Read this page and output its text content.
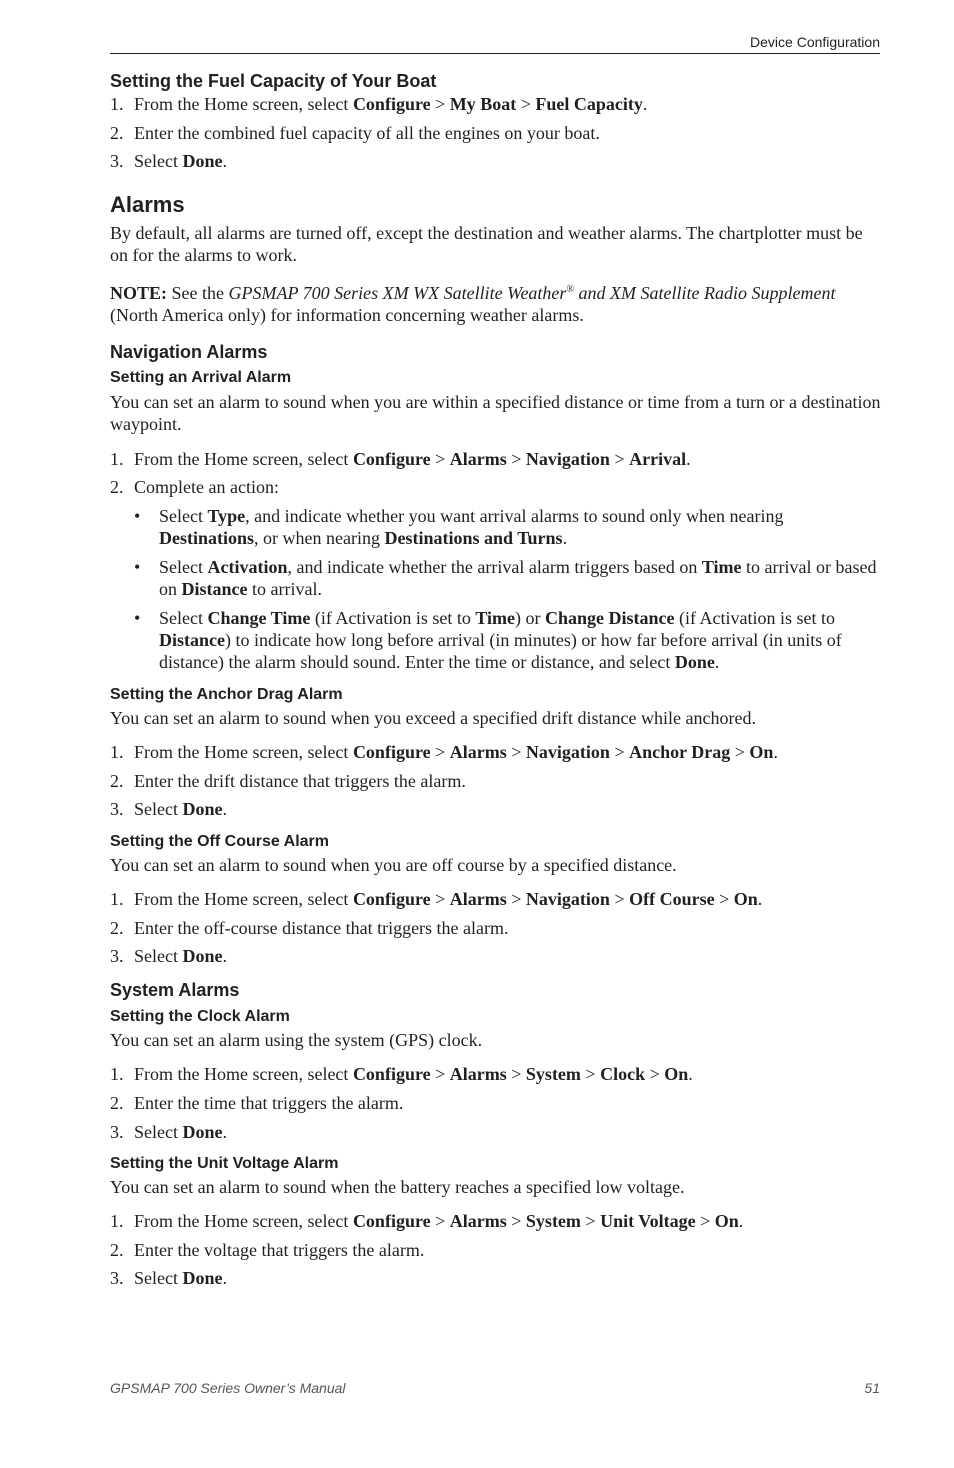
Device Configuration
Setting the Fuel Capacity of Your Boat
1. From the Home screen, select Configure > My Boat > Fuel Capacity.
2. Enter the combined fuel capacity of all the engines on your boat.
3. Select Done.
Alarms
By default, all alarms are turned off, except the destination and weather alarms. The chartplotter must be on for the alarms to work.
NOTE: See the GPSMAP 700 Series XM WX Satellite Weather® and XM Satellite Radio Supplement (North America only) for information concerning weather alarms.
Navigation Alarms
Setting an Arrival Alarm
You can set an alarm to sound when you are within a specified distance or time from a turn or a destination waypoint.
1. From the Home screen, select Configure > Alarms > Navigation > Arrival.
2. Complete an action:
• Select Type, and indicate whether you want arrival alarms to sound only when nearing Destinations, or when nearing Destinations and Turns.
• Select Activation, and indicate whether the arrival alarm triggers based on Time to arrival or based on Distance to arrival.
• Select Change Time (if Activation is set to Time) or Change Distance (if Activation is set to Distance) to indicate how long before arrival (in minutes) or how far before arrival (in units of distance) the alarm should sound. Enter the time or distance, and select Done.
Setting the Anchor Drag Alarm
You can set an alarm to sound when you exceed a specified drift distance while anchored.
1. From the Home screen, select Configure > Alarms > Navigation > Anchor Drag > On.
2. Enter the drift distance that triggers the alarm.
3. Select Done.
Setting the Off Course Alarm
You can set an alarm to sound when you are off course by a specified distance.
1. From the Home screen, select Configure > Alarms > Navigation > Off Course > On.
2. Enter the off-course distance that triggers the alarm.
3. Select Done.
System Alarms
Setting the Clock Alarm
You can set an alarm using the system (GPS) clock.
1. From the Home screen, select Configure > Alarms > System > Clock > On.
2. Enter the time that triggers the alarm.
3. Select Done.
Setting the Unit Voltage Alarm
You can set an alarm to sound when the battery reaches a specified low voltage.
1. From the Home screen, select Configure > Alarms > System > Unit Voltage > On.
2. Enter the voltage that triggers the alarm.
3. Select Done.
GPSMAP 700 Series Owner’s Manual	51
